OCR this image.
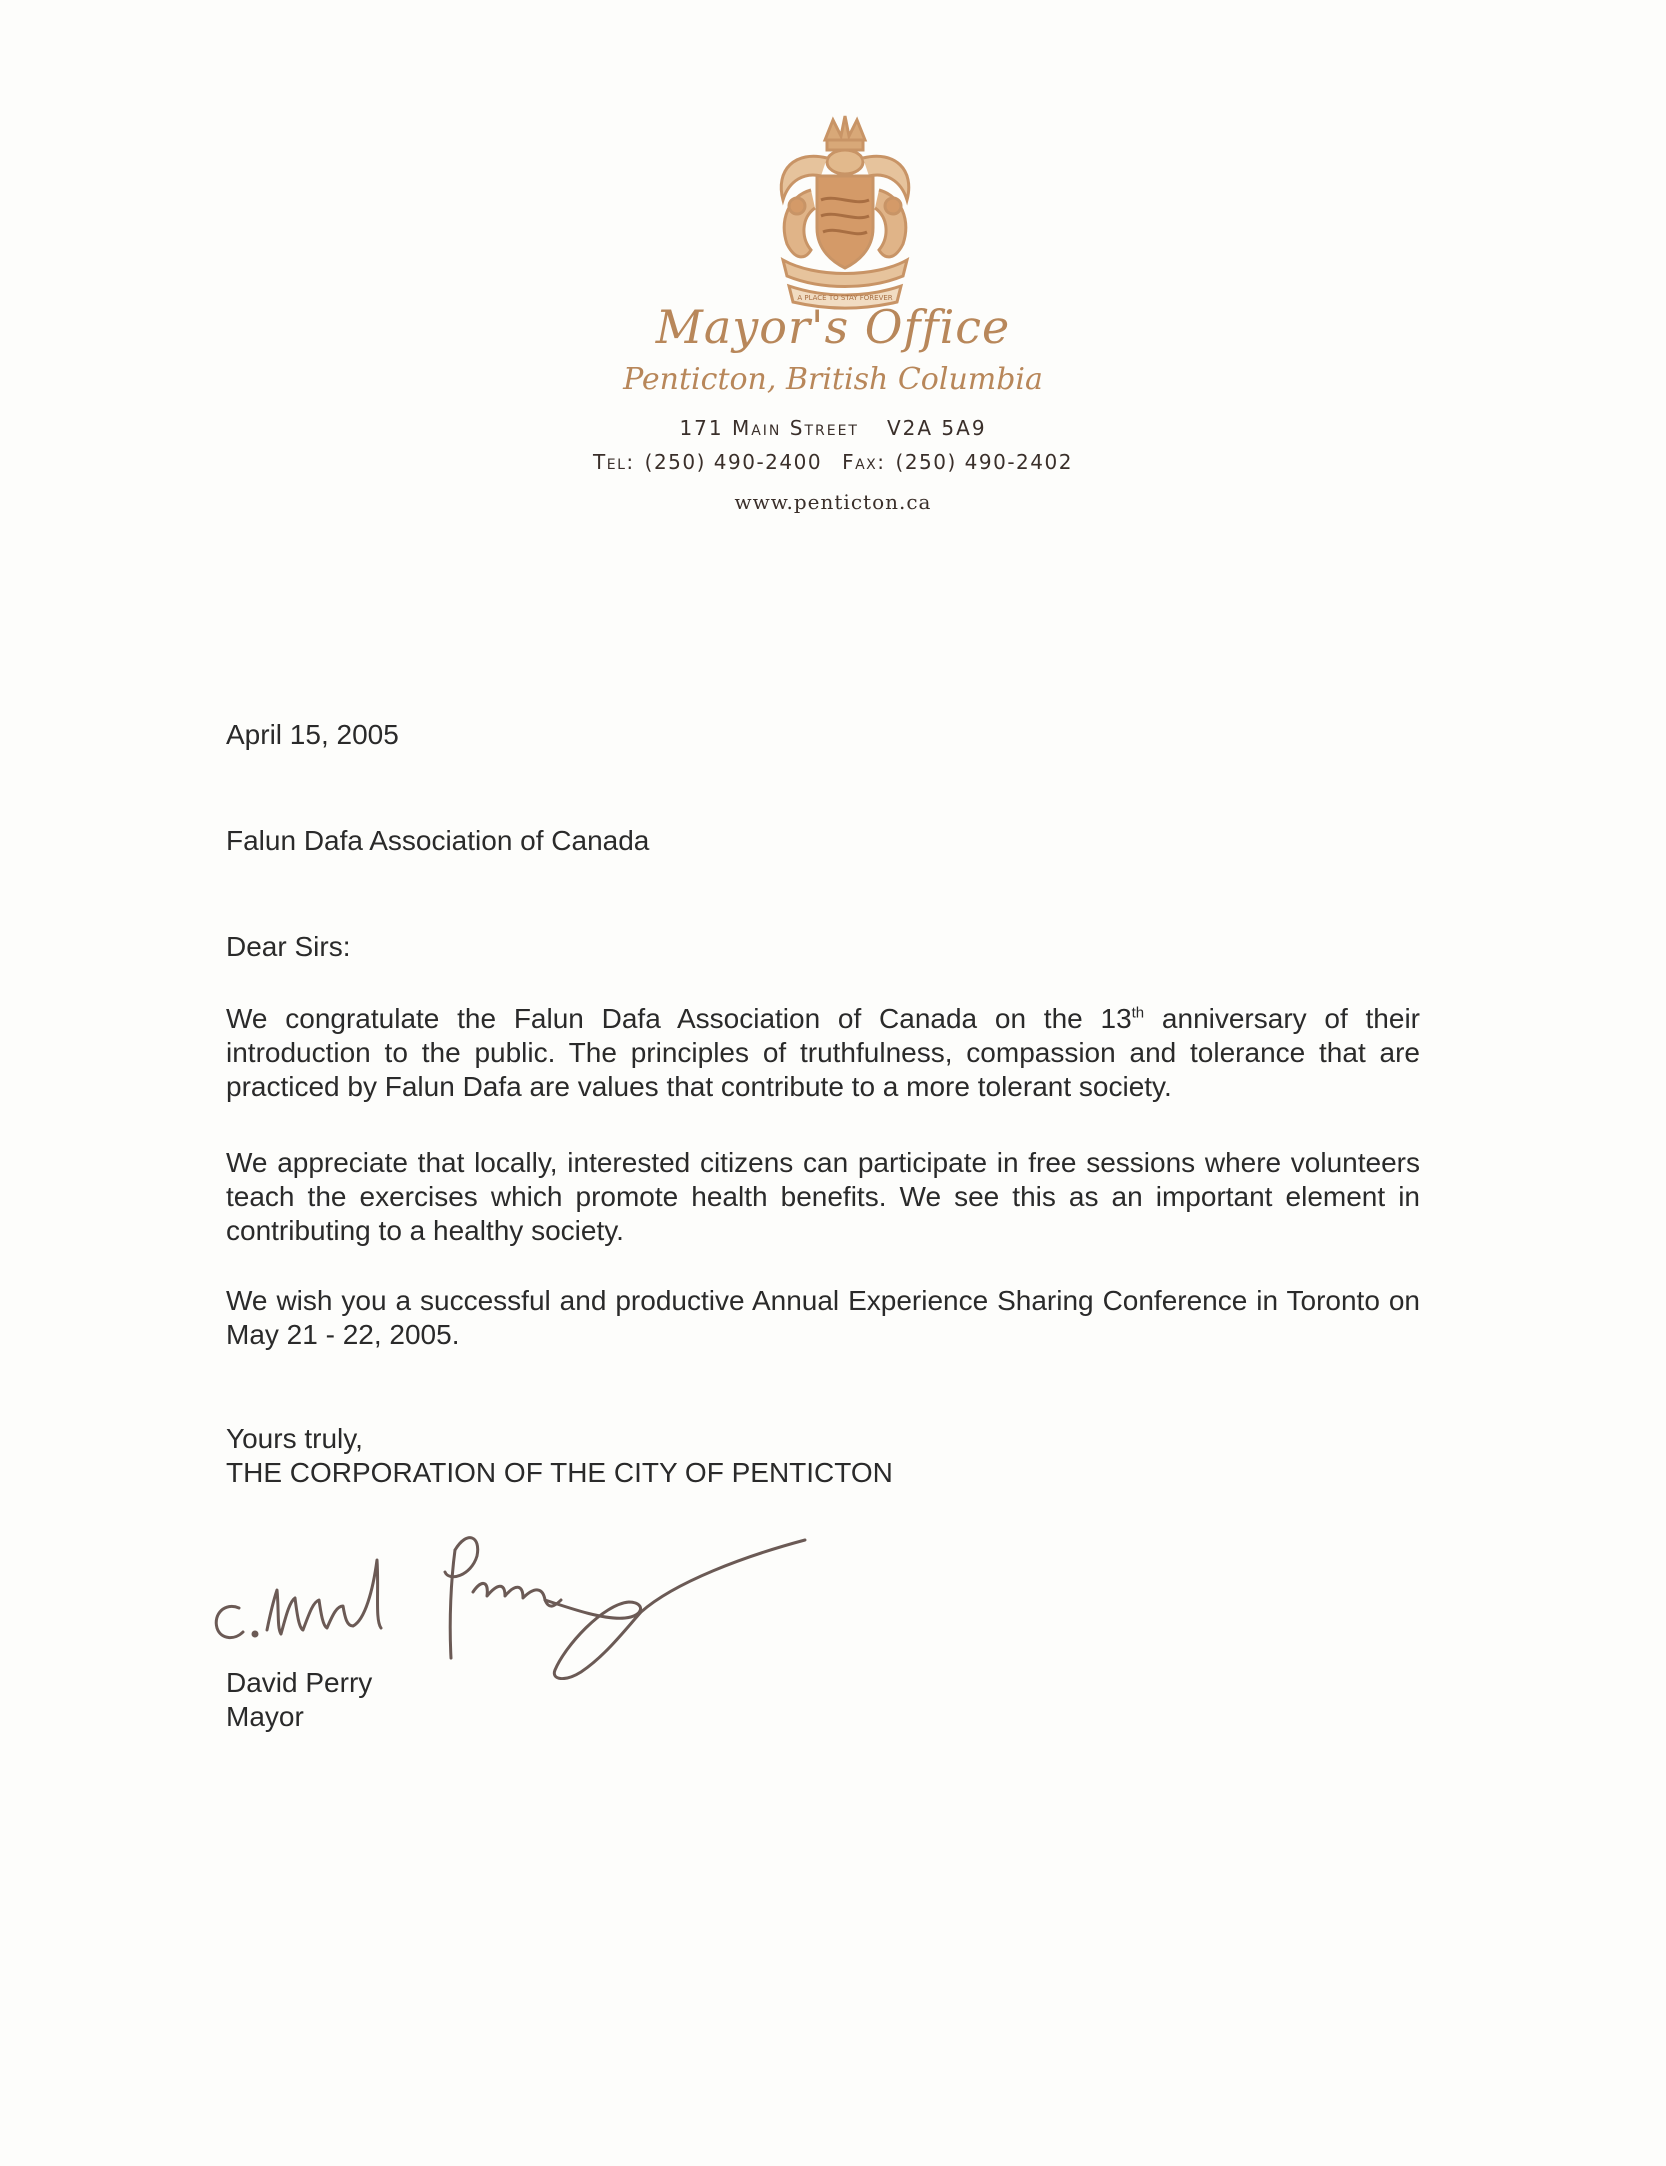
A PLACE TO STAY FOREVER
Mayor's Office
Penticton, British Columbia
171 Main Street V2A 5A9
Tel: (250) 490-2400 Fax: (250) 490-2402
www.penticton.ca
April 15, 2005
Falun Dafa Association of Canada
Dear Sirs:
We congratulate the Falun Dafa Association of Canada on the 13th anniversary of their introduction to the public. The principles of truthfulness, compassion and tolerance that are practiced by Falun Dafa are values that contribute to a more tolerant society.
We appreciate that locally, interested citizens can participate in free sessions where volunteers teach the exercises which promote health benefits. We see this as an important element in contributing to a healthy society.
We wish you a successful and productive Annual Experience Sharing Conference in Toronto on May 21 - 22, 2005.
Yours truly,
THE CORPORATION OF THE CITY OF PENTICTON
David Perry
Mayor
